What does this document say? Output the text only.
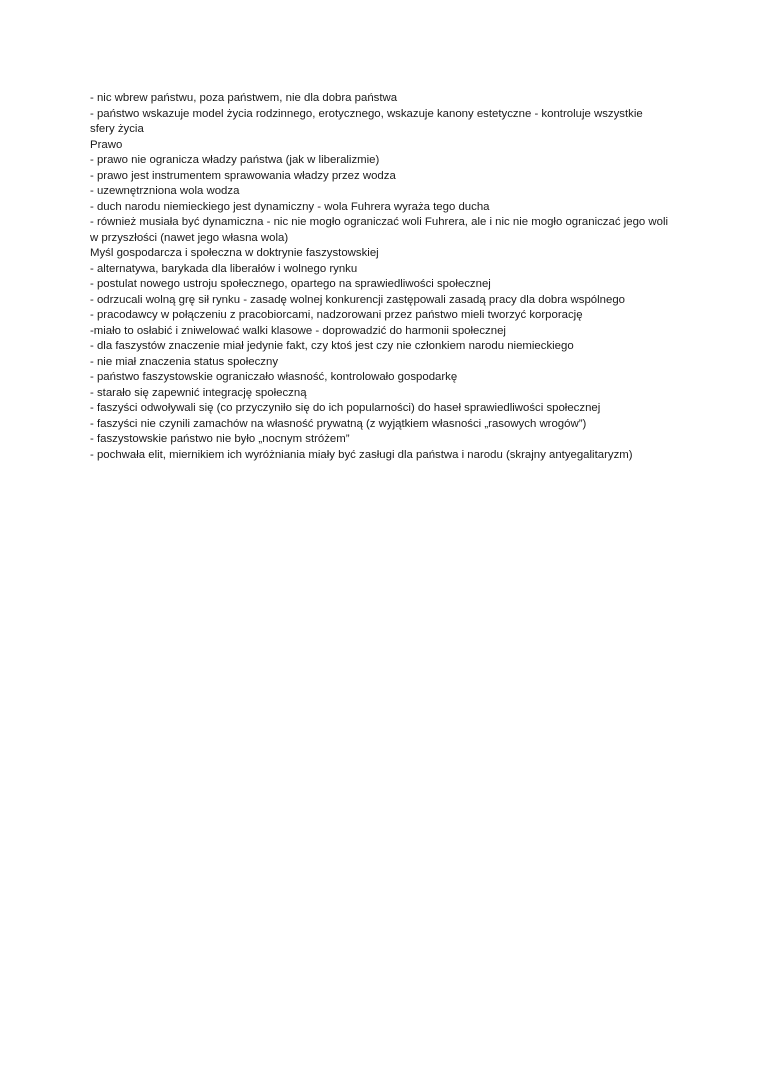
- nic wbrew państwu, poza państwem, nie dla dobra państwa
- państwo wskazuje model życia rodzinnego, erotycznego, wskazuje kanony estetyczne - kontroluje wszystkie sfery życia
Prawo
- prawo nie ogranicza władzy państwa (jak w liberalizmie)
- prawo jest instrumentem sprawowania władzy przez wodza
- uzewnętrzniona wola wodza
- duch narodu niemieckiego jest dynamiczny - wola Fuhrera wyraża tego ducha
- również musiała być dynamiczna - nic nie mogło ograniczać woli Fuhrera, ale i nic nie mogło ograniczać jego woli w przyszłości (nawet jego własna wola)
Myśl gospodarcza i społeczna w doktrynie faszystowskiej
- alternatywa, barykada dla liberałów i wolnego rynku
- postulat nowego ustroju społecznego, opartego na sprawiedliwości społecznej
- odrzucali wolną grę sił rynku - zasadę wolnej konkurencji zastępowali zasadą pracy dla dobra wspólnego
- pracodawcy w połączeniu z pracobiorcami, nadzorowani przez państwo mieli tworzyć korporację
-miało to osłabić i zniwelować walki klasowe - doprowadzić do harmonii społecznej
- dla faszystów znaczenie miał jedynie fakt, czy ktoś jest czy nie członkiem narodu niemieckiego
- nie miał znaczenia status społeczny
- państwo faszystowskie ograniczało własność, kontrolowało gospodarkę
- starało się zapewnić integrację społeczną
- faszyści odwoływali się (co przyczyniło się do ich popularności) do haseł sprawiedliwości społecznej
- faszyści nie czynili zamachów na własność prywatną (z wyjątkiem własności „rasowych wrogów”)
- faszystowskie państwo nie było „nocnym stróżem”
- pochwała elit, miernikiem ich wyróżniania miały być zasługi dla państwa i narodu (skrajny antyegalitaryzm)
